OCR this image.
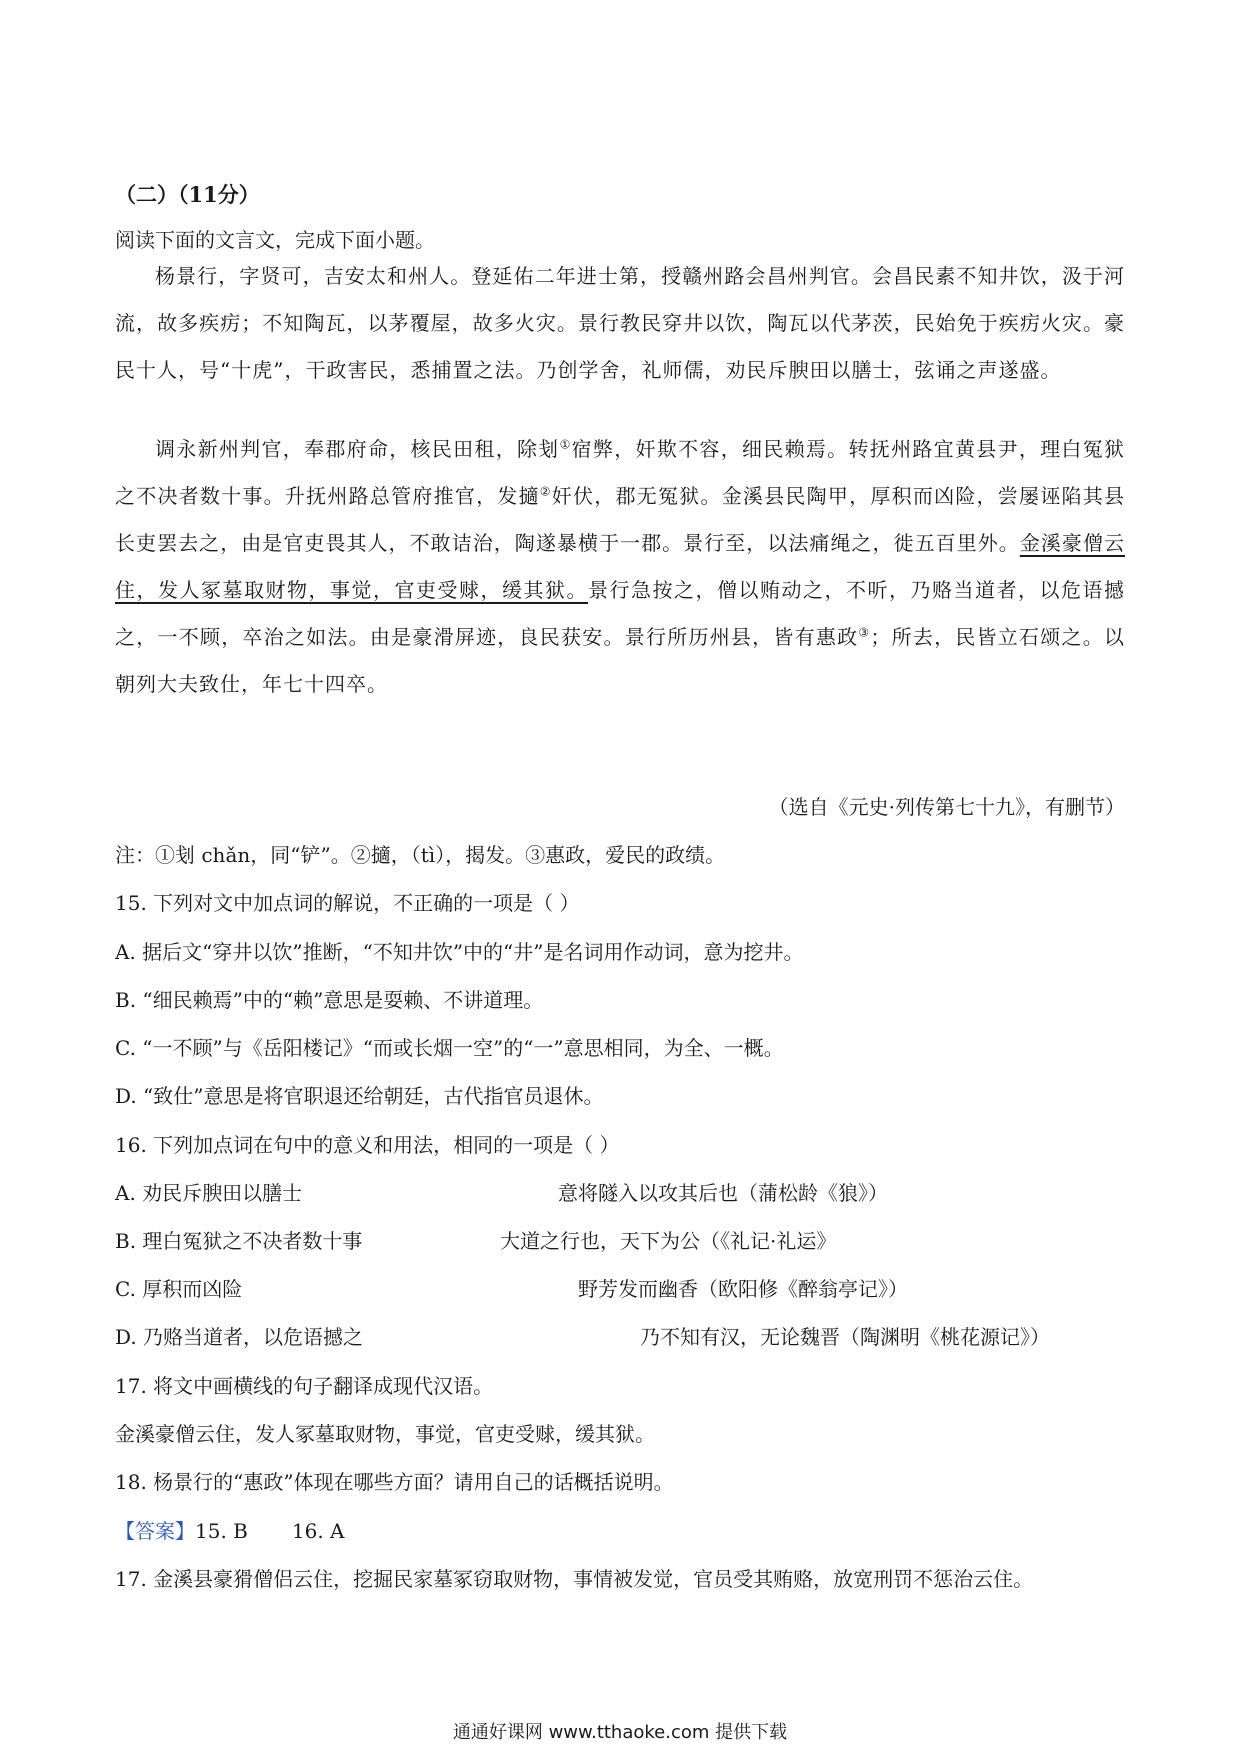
（二）（11分）
阅读下面的文言文，完成下面小题。
杨景行，字贤可，吉安太和州人。登延佑二年进士第，授赣州路会昌州判官。会昌民素不知井饮，汲于河流，故多疾疠；不知陶瓦，以茅覆屋，故多火灾。景行教民穿井以饮，陶瓦以代茅茨，民始免于疾疠火灾。豪民十人，号“十虎”，干政害民，悉捕置之法。乃创学舍，礼师儒，劝民斥腴田以膳士，弦诵之声遂盛。
调永新州判官，奉郡府命，核民田租，除刬①宿弊，奸欺不容，细民赖焉。转抚州路宜黄县尹，理白冤狱之不决者数十事。升抚州路总管府推官，发擿②奸伏，郡无冤狱。金溪县民陶甲，厚积而凶险，尝屡诬陷其县长吏罢去之，由是官吏畏其人，不敢诘治，陶遂暴横于一郡。景行至，以法痛绳之，徙五百里外。金溪豪僧云住，发人冢墓取财物，事觉，官吏受赇，缓其狱。景行急按之，僧以贿动之，不听，乃赂当道者，以危语撼之，一不顾，卒治之如法。由是豪滑屏迹，良民获安。景行所历州县，皆有惠政③；所去，民皆立石颂之。以朝列大夫致仕，年七十四卒。
（选自《元史·列传第七十九》，有删节）
注：①刬 chǎn，同“铲”。②擿，（tì），揭发。③惠政，爱民的政绩。
15. 下列对文中加点词的解说，不正确的一项是（ ）
A. 据后文“穿井以饮”推断，“不知井饮”中的“井”是名词用作动词，意为挖井。
B. “细民赖焉”中的“赖”意思是耍赖、不讲道理。
C. “一不顾”与《岳阳楼记》“而或长烟一空”的“一”意思相同，为全、一概。
D. “致仕”意思是将官职退还给朝廷，古代指官员退休。
16. 下列加点词在句中的意义和用法，相同的一项是（ ）
A. 劝民斥腴田以膳士	意将隧入以攻其后也（蒲松龄《狼》）
B. 理白冤狱之不决者数十事	大道之行也，天下为公（《礼记·礼运》
C. 厚积而凶险	野芳发而幽香（欧阳修《醉翁亭记》）
D. 乃赂当道者，以危语撼之	乃不知有汉，无论魏晋（陶渊明《桃花源记》）
17. 将文中画横线的句子翻译成现代汉语。
金溪豪僧云住，发人冢墓取财物，事觉，官吏受赇，缓其狱。
18. 杨景行的“惠政”体现在哪些方面？请用自己的话概括说明。
【答案】15. B 16. A
17. 金溪县豪猾僧侣云住，挖掘民家墓冢窃取财物，事情被发觉，官员受其贿赂，放宽刑罚不惩治云住。
通通好课网 www.tthaoke.com 提供下载
